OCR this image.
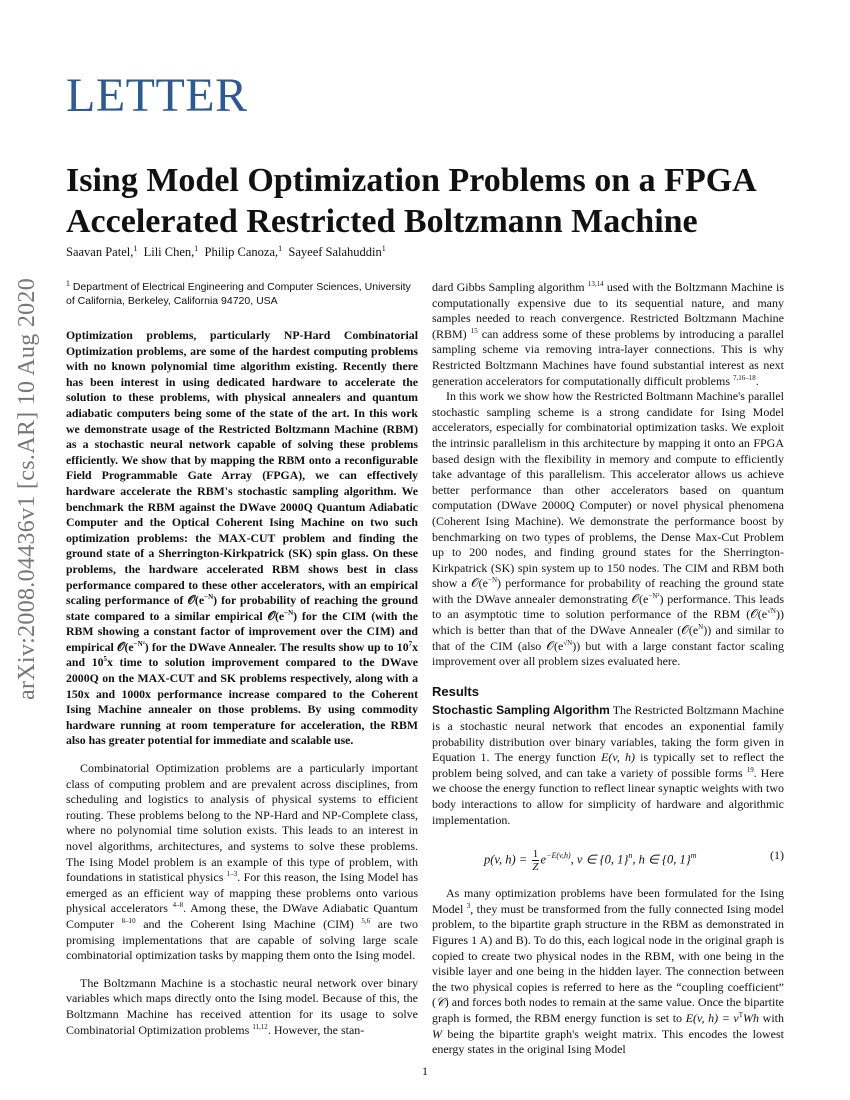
LETTER
Ising Model Optimization Problems on a FPGA Accelerated Restricted Boltzmann Machine
Saavan Patel,$^1$ Lili Chen,$^1$ Philip Canoza,$^1$ Sayeef Salahuddin$^1$
arXiv:2008.04436v1 [cs.AR] 10 Aug 2020	$^1$ Department of Electrical Engineering and Computer Sciences, University of California, Berkeley, California 94720, USA

Optimization problems, particularly NP-Hard Combinatorial Optimization problems, are some of the hardest computing problems with no known polynomial time algorithm existing. Recently there has been interest in using dedicated hardware to accelerate the solution to these problems, with physical annealers and quantum adiabatic computers being some of the state of the art. In this work we demonstrate usage of the Restricted Boltzmann Machine (RBM) as a stochastic neural network capable of solving these problems efficiently. We show that by mapping the RBM onto a reconfigurable Field Programmable Gate Array (FPGA), we can effectively hardware accelerate the RBM's stochastic sampling algorithm. We benchmark the RBM against the DWave 2000Q Quantum Adiabatic Computer and the Optical Coherent Ising Machine on two such optimization problems: the MAX-CUT problem and finding the ground state of a Sherrington-Kirkpatrick (SK) spin glass. On these problems, the hardware accelerated RBM shows best in class performance compared to these other accelerators, with an empirical scaling performance of $𝒪(e^{-N})$ for probability of reaching the ground state compared to a similar empirical $𝒪(e^{-N})$ for the CIM (with the RBM showing a constant factor of improvement over the CIM) and empirical $𝒪(e^{-N^2})$ for the DWave Annealer. The results show up to $10^7x$ and $10^5x$ time to solution improvement compared to the DWave 2000Q on the MAX-CUT and SK problems respectively, along with a 150x and 1000x performance increase compared to the Coherent Ising Machine annealer on those problems. By using commodity hardware running at room temperature for acceleration, the RBM also has greater potential for immediate and scalable use.

Combinatorial Optimization problems are a particularly important class of computing problem and are prevalent across disciplines, from scheduling and logistics to analysis of physical systems to efficient routing. These problems belong to the NP-Hard and NP-Complete class, where no polynomial time solution exists. This leads to an interest in novel algorithms, architectures, and systems to solve these problems. The Ising Model problem is an example of this type of problem, with foundations in statistical physics $^{1-3}$. For this reason, the Ising Model has emerged as an efficient way of mapping these problems onto various physical accelerators $^{4-8}$. Among these, the DWave Adiabatic Quantum Computer $^{8-10}$ and the Coherent Ising Machine (CIM) $^{5,6}$ are two promising implementations that are capable of solving large scale combinatorial optimization tasks by mapping them onto the Ising model.

The Boltzmann Machine is a stochastic neural network over binary variables which maps directly onto the Ising model. Because of this, the Boltzmann Machine has received attention for its usage to solve Combinatorial Optimization problems $^{11,12}$. However, the stan-

dard Gibbs Sampling algorithm $^{13,14}$ used with the Boltzmann Machine is computationally expensive due to its sequential nature, and many samples needed to reach convergence. Restricted Boltzmann Machine (RBM) $^{15}$ can address some of these problems by introducing a parallel sampling scheme via removing intra-layer connections. This is why Restricted Boltzmann Machines have found substantial interest as next generation accelerators for computationally difficult problems $^{7,16-18}$.

In this work we show how the Restricted Boltmann Machine's parallel stochastic sampling scheme is a strong candidate for Ising Model accelerators, especially for combinatorial optimization tasks. We exploit the intrinsic parallelism in this architecture by mapping it onto an FPGA based design with the flexibility in memory and compute to efficiently take advantage of this parallelism. This accelerator allows us achieve better performance than other accelerators based on quantum computation (DWave 2000Q Computer) or novel physical phenomena (Coherent Ising Machine). We demonstrate the performance boost by benchmarking on two types of problems, the Dense Max-Cut Problem up to 200 nodes, and finding ground states for the Sherrington-Kirkpatrick (SK) spin system up to 150 nodes. The CIM and RBM both show a $𝒪(e^{-N})$ performance for probability of reaching the ground state with the DWave annealer demonstrating $𝒪(e^{-N^2})$ performance. This leads to an asymptotic time to solution performance of the RBM $(𝒪(e^{√N}))$ which is better than that of the DWave Annealer $(𝒪(e^N))$ and similar to that of the CIM (also $𝒪(e^{√N})$) but with a large constant factor scaling improvement over all problem sizes evaluated here.

Results

Stochastic Sampling Algorithm The Restricted Boltzmann Machine is a stochastic neural network that encodes an exponential family probability distribution over binary variables, taking the form given in Equation 1. The energy function E(v, h) is typically set to reflect the problem being solved, and can take a variety of possible forms $^{19}$. Here we choose the energy function to reflect linear synaptic weights with two body interactions to allow for simplicity of hardware and algorithmic implementation.

p(v, $h) = \frac{1}{Z} e^{-E(v,h)}$, v ∈ {0, 1}$^n$, h ∈ {0, 1}$^m$	(1)

As many optimization problems have been formulated for the Ising Model $^3$, they must be transformed from the fully connected Ising model problem, to the bipartite graph structure in the RBM as demonstrated in Figures 1 A) and B). To do this, each logical node in the original graph is copied to create two physical nodes in the RBM, with one being in the visible layer and one being in the hidden layer. The connection between the two physical copies is referred to here as the “coupling coefficient” (𝒞) and forces both nodes to remain at the same value. Once the bipartite graph is formed, the RBM energy function is set to E(v, $h) = v^TWh$ with W being the bipartite graph's weight matrix. This encodes the lowest energy states in the original Ising Model

1
